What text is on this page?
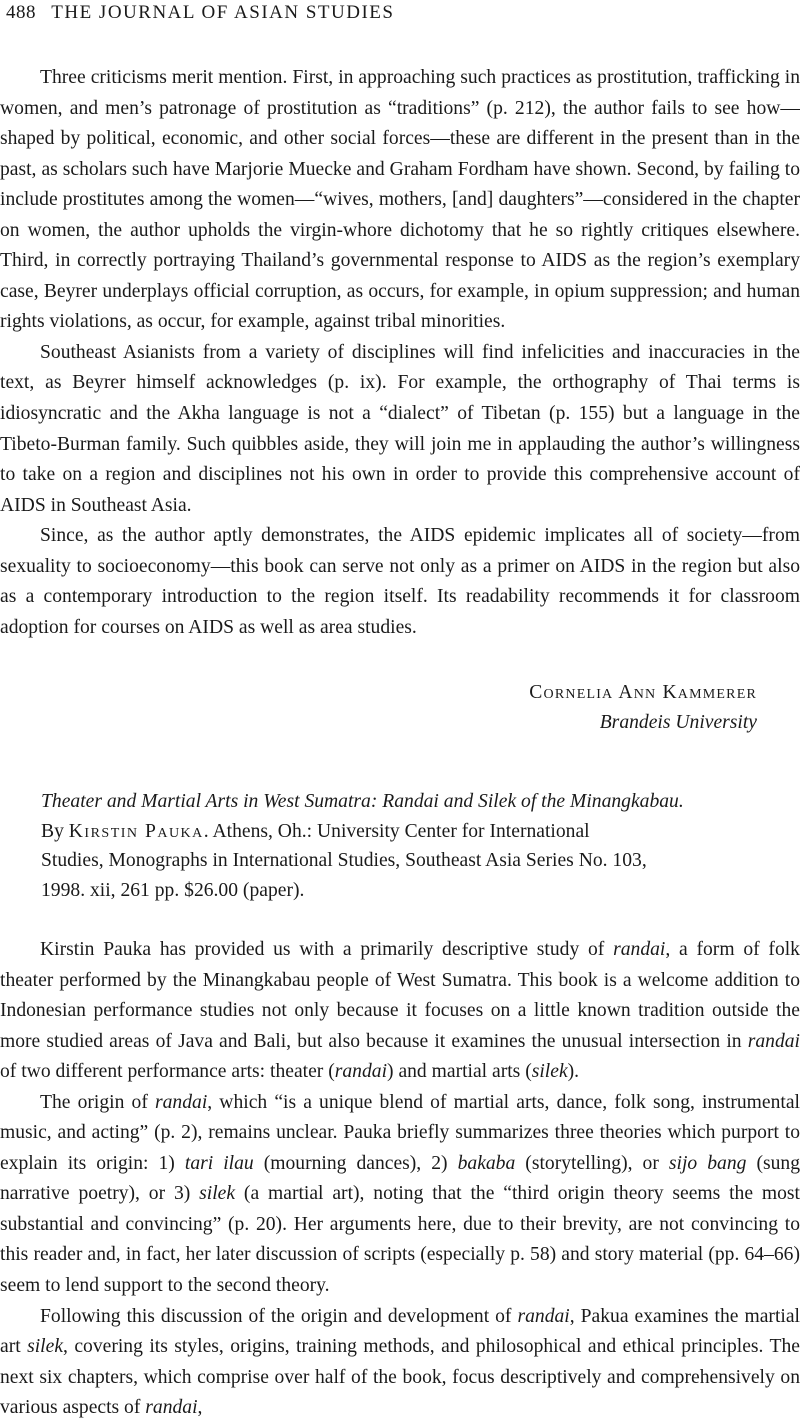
488 THE JOURNAL OF ASIAN STUDIES

Three criticisms merit mention. First, in approaching such practices as prostitution, trafficking in women, and men’s patronage of prostitution as “traditions” (p. 212), the author fails to see how—shaped by political, economic, and other social forces—these are different in the present than in the past, as scholars such have Marjorie Muecke and Graham Fordham have shown. Second, by failing to include prostitutes among the women—“wives, mothers, [and] daughters”—considered in the chapter on women, the author upholds the virgin-whore dichotomy that he so rightly critiques elsewhere. Third, in correctly portraying Thailand’s governmental response to AIDS as the region’s exemplary case, Beyrer underplays official corruption, as occurs, for example, in opium suppression; and human rights violations, as occur, for example, against tribal minorities.

Southeast Asianists from a variety of disciplines will find infelicities and inaccuracies in the text, as Beyrer himself acknowledges (p. ix). For example, the orthography of Thai terms is idiosyncratic and the Akha language is not a “dialect” of Tibetan (p. 155) but a language in the Tibeto-Burman family. Such quibbles aside, they will join me in applauding the author’s willingness to take on a region and disciplines not his own in order to provide this comprehensive account of AIDS in Southeast Asia.

Since, as the author aptly demonstrates, the AIDS epidemic implicates all of society—from sexuality to socioeconomy—this book can serve not only as a primer on AIDS in the region but also as a contemporary introduction to the region itself. Its readability recommends it for classroom adoption for courses on AIDS as well as area studies.

Cornelia Ann Kammerer
Brandeis University
Theater and Martial Arts in West Sumatra: Randai and Silek of the Minangkabau.
By Kirstin Pauka. Athens, Oh.: University Center for International
Studies, Monographs in International Studies, Southeast Asia Series No. 103,
1998. xii, 261 pp. $26.00 (paper).

Kirstin Pauka has provided us with a primarily descriptive study of randai, a form of folk theater performed by the Minangkabau people of West Sumatra. This book is a welcome addition to Indonesian performance studies not only because it focuses on a little known tradition outside the more studied areas of Java and Bali, but also because it examines the unusual intersection in randai of two different performance arts: theater (randai) and martial arts (silek).

The origin of randai, which “is a unique blend of martial arts, dance, folk song, instrumental music, and acting” (p. 2), remains unclear. Pauka briefly summarizes three theories which purport to explain its origin: 1) tari ilau (mourning dances), 2) bakaba (storytelling), or sijo bang (sung narrative poetry), or 3) silek (a martial art), noting that the “third origin theory seems the most substantial and convincing” (p. 20). Her arguments here, due to their brevity, are not convincing to this reader and, in fact, her later discussion of scripts (especially p. 58) and story material (pp. 64–66) seem to lend support to the second theory.

Following this discussion of the origin and development of randai, Pakua examines the martial art silek, covering its styles, origins, training methods, and philosophical and ethical principles. The next six chapters, which comprise over half of the book, focus descriptively and comprehensively on various aspects of randai,
